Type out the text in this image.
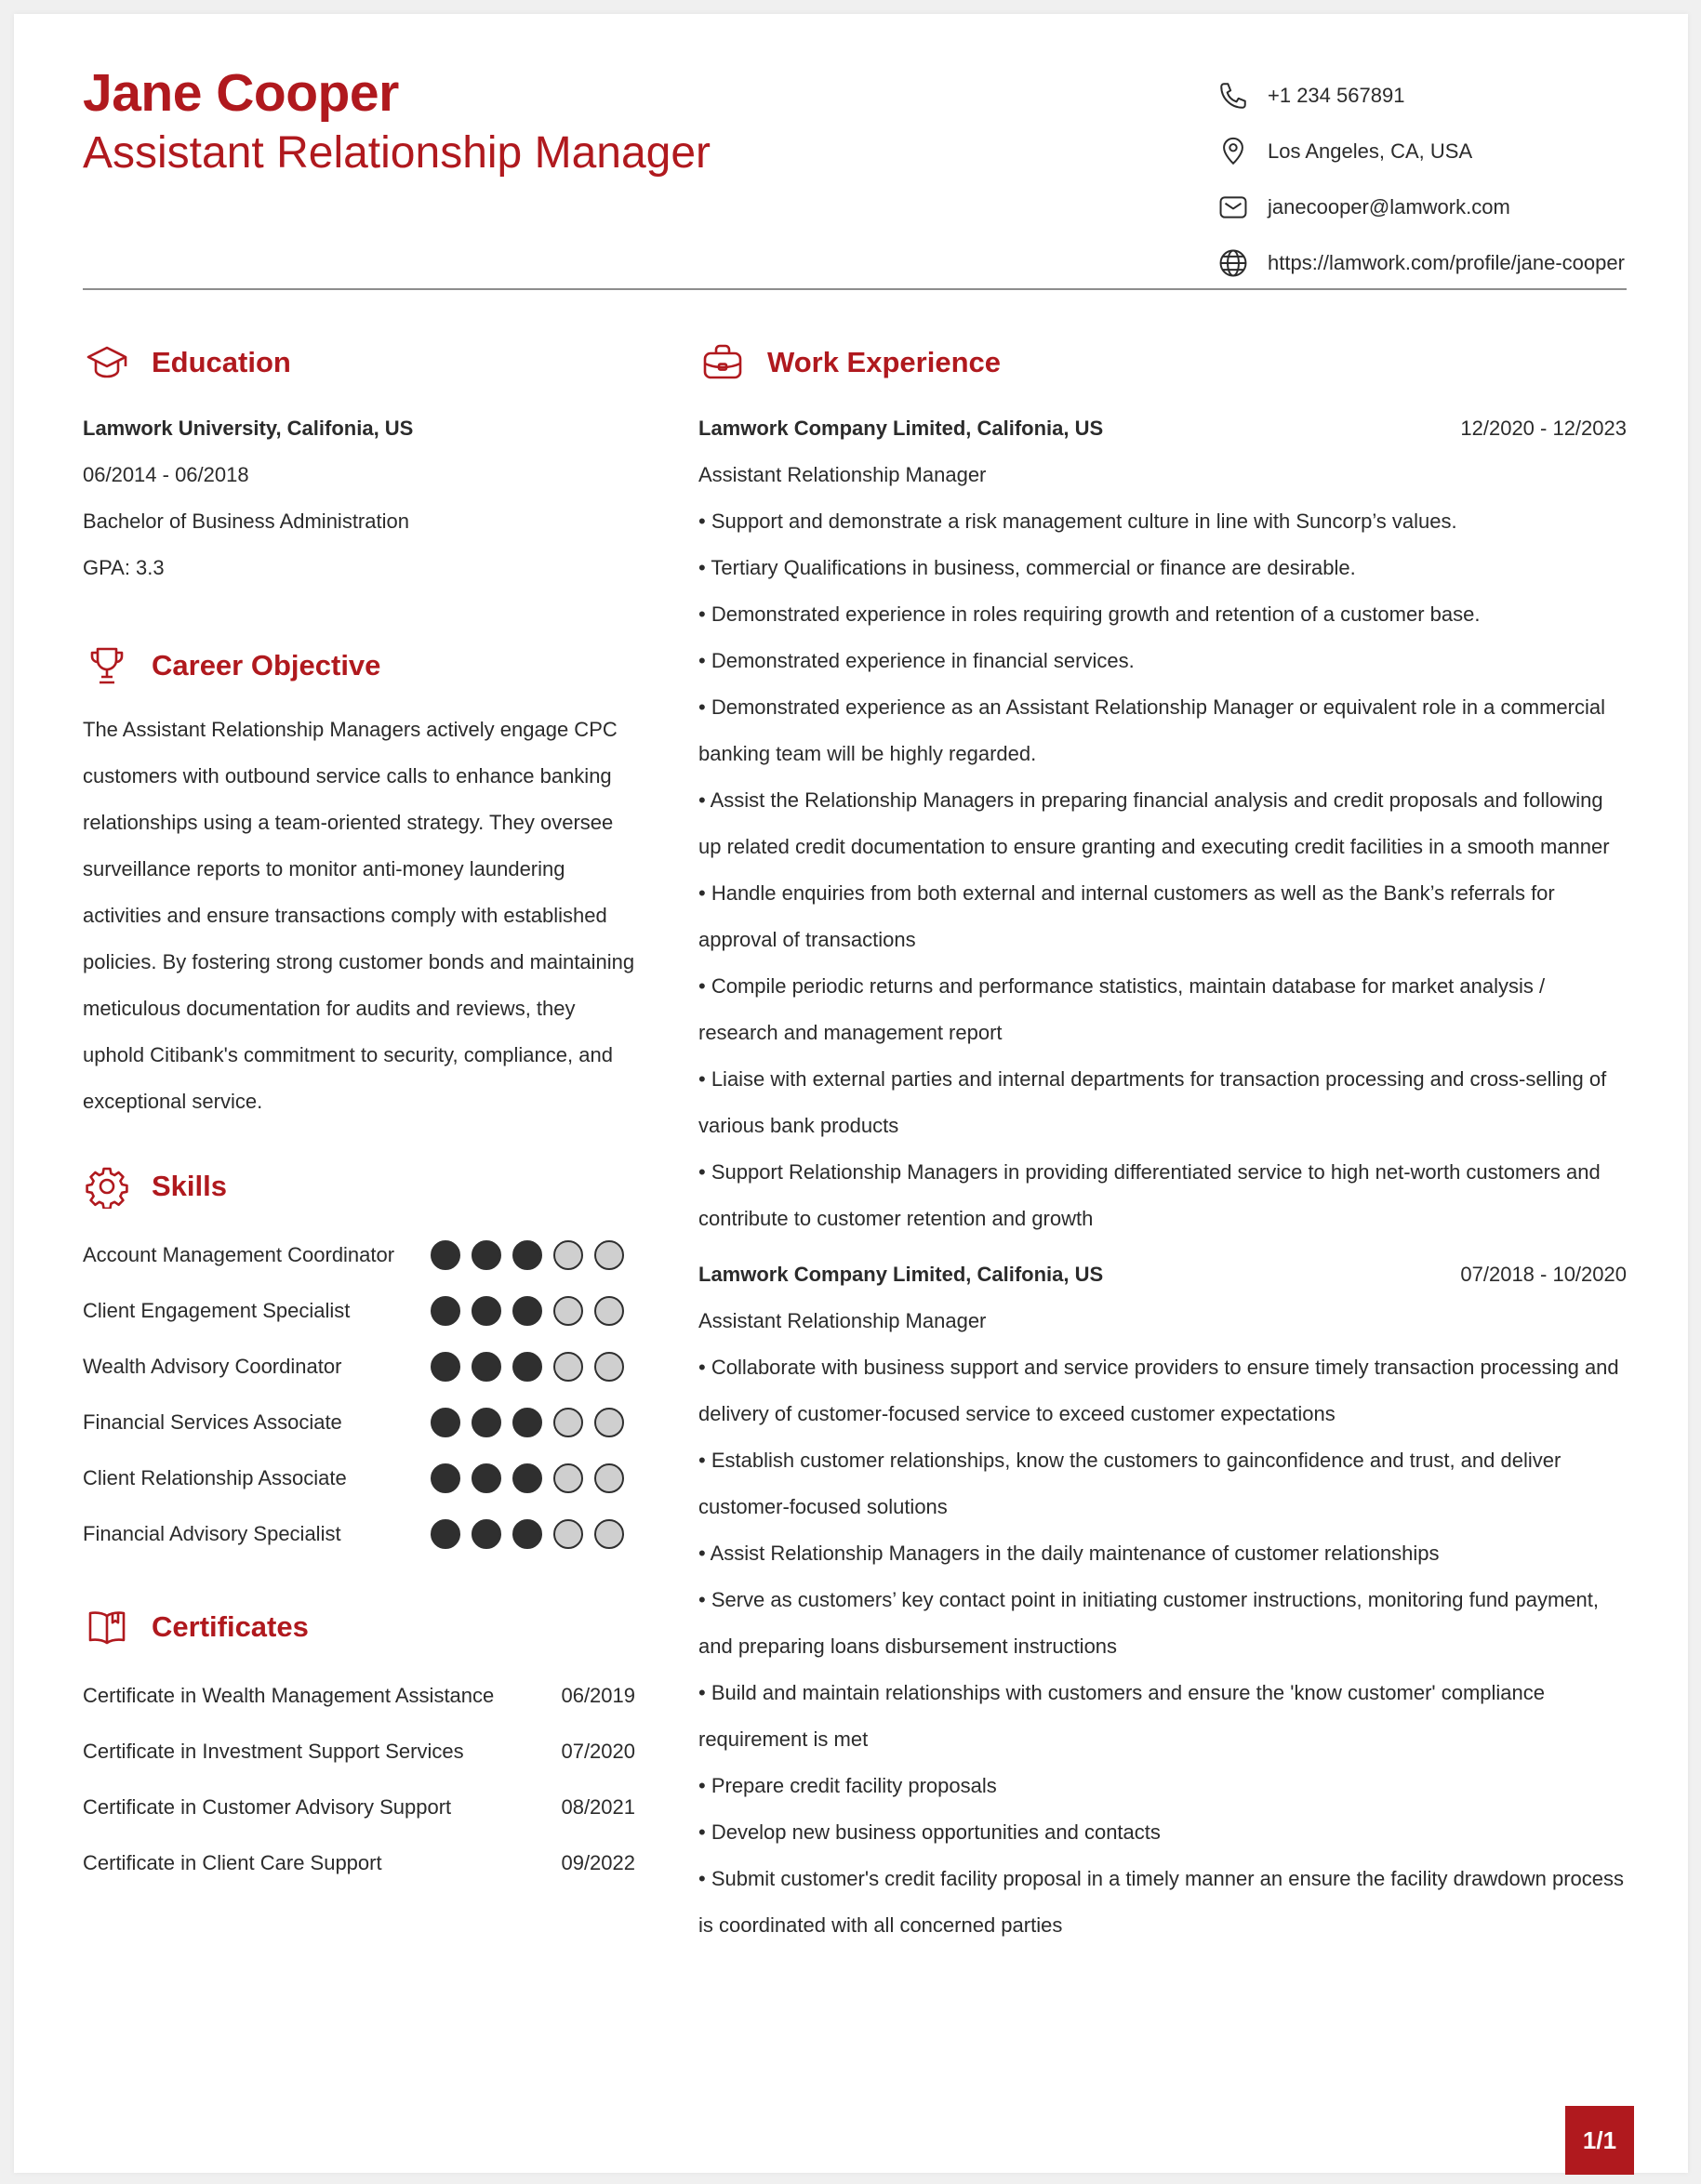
Jane Cooper
Assistant Relationship Manager
+1 234 567891
Los Angeles, CA, USA
janecooper@lamwork.com
https://lamwork.com/profile/jane-cooper
Education
Lamwork University, Califonia, US
06/2014 - 06/2018
Bachelor of Business Administration
GPA: 3.3
Career Objective
The Assistant Relationship Managers actively engage CPC customers with outbound service calls to enhance banking relationships using a team-oriented strategy. They oversee surveillance reports to monitor anti-money laundering activities and ensure transactions comply with established policies. By fostering strong customer bonds and maintaining meticulous documentation for audits and reviews, they uphold Citibank's commitment to security, compliance, and exceptional service.
Skills
Account Management Coordinator
Client Engagement Specialist
Wealth Advisory Coordinator
Financial Services Associate
Client Relationship Associate
Financial Advisory Specialist
Certificates
Certificate in Wealth Management Assistance	06/2019
Certificate in Investment Support Services	07/2020
Certificate in Customer Advisory Support	08/2021
Certificate in Client Care Support	09/2022
Work Experience
Lamwork Company Limited, Califonia, US	12/2020 - 12/2023
Assistant Relationship Manager
• Support and demonstrate a risk management culture in line with Suncorp’s values.
• Tertiary Qualifications in business, commercial or finance are desirable.
• Demonstrated experience in roles requiring growth and retention of a customer base.
• Demonstrated experience in financial services.
• Demonstrated experience as an Assistant Relationship Manager or equivalent role in a commercial banking team will be highly regarded.
• Assist the Relationship Managers in preparing financial analysis and credit proposals and following up related credit documentation to ensure granting and executing credit facilities in a smooth manner
• Handle enquiries from both external and internal customers as well as the Bank’s referrals for approval of transactions
• Compile periodic returns and performance statistics, maintain database for market analysis / research and management report
• Liaise with external parties and internal departments for transaction processing and cross-selling of various bank products
• Support Relationship Managers in providing differentiated service to high net-worth customers and contribute to customer retention and growth
Lamwork Company Limited, Califonia, US	07/2018 - 10/2020
Assistant Relationship Manager
• Collaborate with business support and service providers to ensure timely transaction processing and delivery of customer-focused service to exceed customer expectations
• Establish customer relationships, know the customers to gainconfidence and trust, and deliver customer-focused solutions
• Assist Relationship Managers in the daily maintenance of customer relationships
• Serve as customers’ key contact point in initiating customer instructions, monitoring fund payment, and preparing loans disbursement instructions
• Build and maintain relationships with customers and ensure the 'know customer' compliance requirement is met
• Prepare credit facility proposals
• Develop new business opportunities and contacts
• Submit customer's credit facility proposal in a timely manner an ensure the facility drawdown process is coordinated with all concerned parties
1/1
